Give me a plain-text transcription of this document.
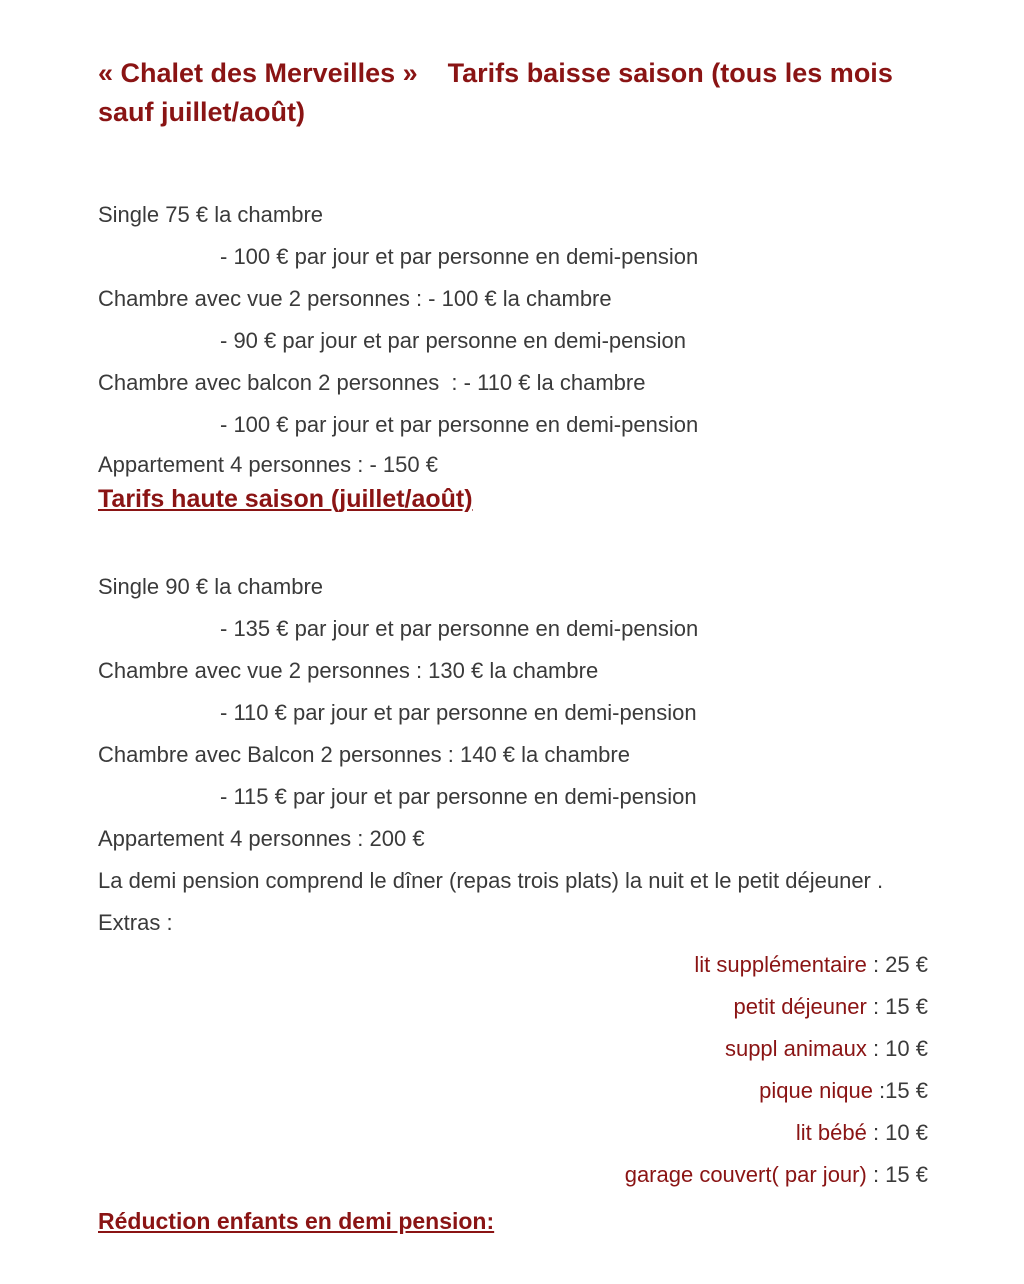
« Chalet des Merveilles » Tarifs baisse saison (tous les mois sauf juillet/août)

Single 75 € la chambre
- 100 € par jour et par personne en demi-pension
Chambre avec vue 2 personnes : - 100 € la chambre
- 90 € par jour et par personne en demi-pension
Chambre avec balcon 2 personnes  : - 110 € la chambre
- 100 € par jour et par personne en demi-pension
Appartement 4 personnes : - 150 €
Tarifs haute saison (juillet/août)
Single 90 € la chambre
- 135 € par jour et par personne en demi-pension
Chambre avec vue 2 personnes : 130 € la chambre
- 110 € par jour et par personne en demi-pension
Chambre avec Balcon 2 personnes : 140 € la chambre
- 115 € par jour et par personne en demi-pension
Appartement 4 personnes : 200 €
La demi pension comprend le dîner (repas trois plats) la nuit et le petit déjeuner .
Extras :
lit supplémentaire : 25 €
petit déjeuner : 15 €
suppl animaux : 10 €
pique nique :15 €
lit bébé : 10 €
garage couvert( par jour) : 15 €
Réduction enfants en demi pension:
